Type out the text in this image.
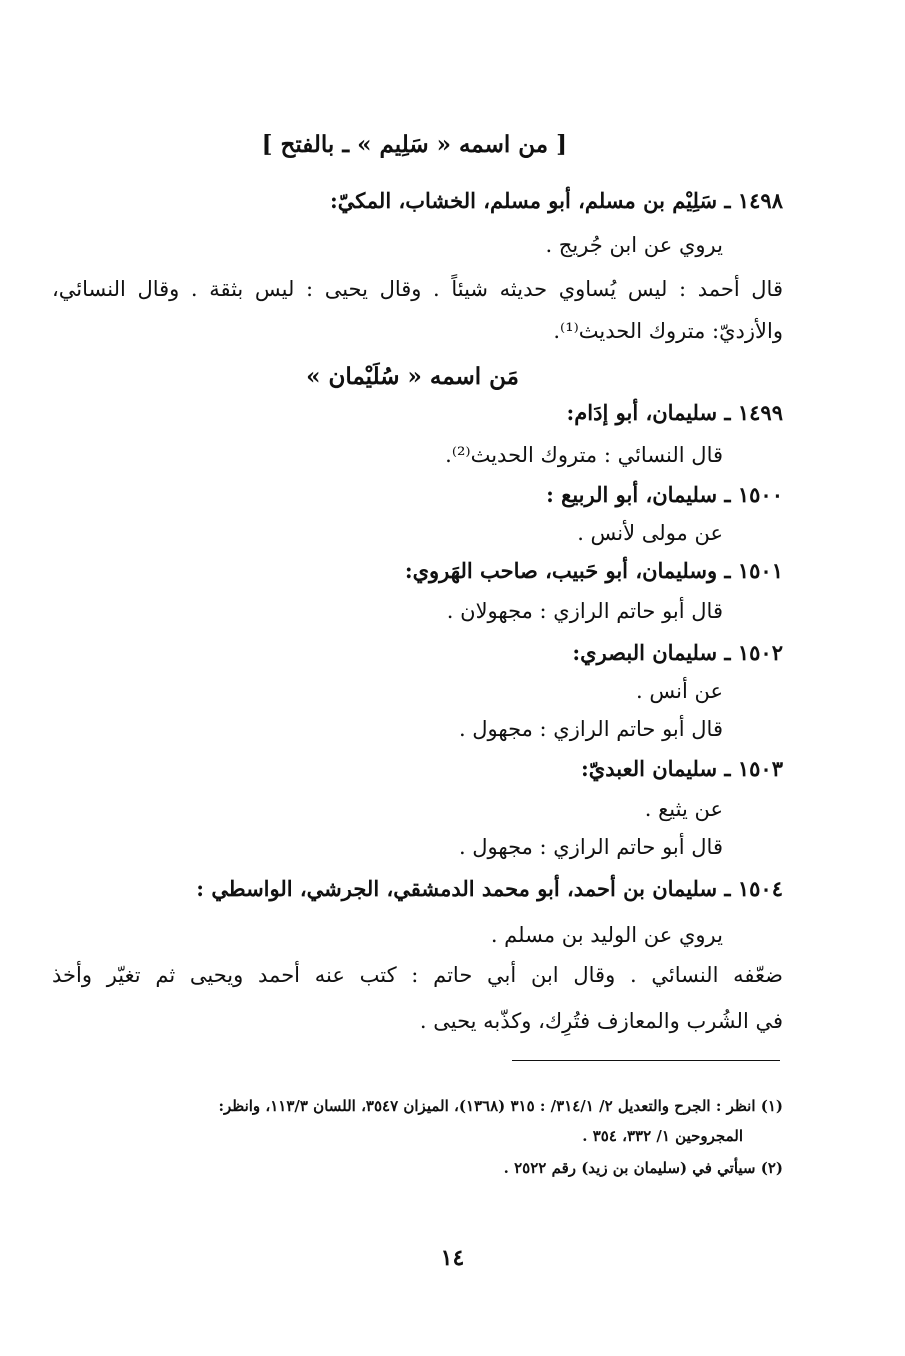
[ من اسمه « سَلِيم » ـ بالفتح ]
١٤٩٨ ـ سَلِيْم بن مسلم، أبو مسلم، الخشاب، المكيّ:
يروي عن ابن جُريج .
قال أحمد : ليس يُساوي حديثه شيئاً . وقال يحيى : ليس بثقة . وقال النسائي،
والأزديّ: متروك الحديث⁽¹⁾.
مَن اسمه « سُلَيْمان »
١٤٩٩ ـ سليمان، أبو إدَام:
قال النسائي : متروك الحديث⁽²⁾.
١٥٠٠ ـ سليمان، أبو الربيع :
عن مولى لأنس .
١٥٠١ ـ وسليمان، أبو حَبيب، صاحب الهَروي:
قال أبو حاتم الرازي : مجهولان .
١٥٠٢ ـ سليمان البصري:
عن أنس .
قال أبو حاتم الرازي : مجهول .
١٥٠٣ ـ سليمان العبديّ:
عن يثيع .
قال أبو حاتم الرازي : مجهول .
١٥٠٤ ـ سليمان بن أحمد، أبو محمد الدمشقي، الجرشي، الواسطي :
يروي عن الوليد بن مسلم .
ضعّفه النسائي . وقال ابن أبي حاتم : كتب عنه أحمد ويحيى ثم تغيّر وأخذ
في الشُرب والمعازف فتُرِك، وكذّبه يحيى .
(١) انظر : الجرح والتعديل ٢/ ٣١٤/١/ : ٣١٥ (١٣٦٨)، الميزان ٣٥٤٧، اللسان ١١٣/٣، وانظر:
المجروحين ١/ ٣٣٢، ٣٥٤ .
(٢) سيأتي في (سليمان بن زيد) رقم ٢٥٢٢ .
١٤
